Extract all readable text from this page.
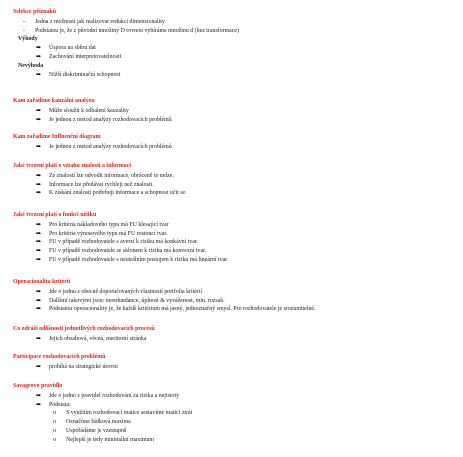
Selekce příznaků
- Jedna z možností jak realizovat redukci dimenzionality
- Podstatou je, že z původní množiny D rovnou vybíráme množinu d (bez transformace)
Výhody
➡ Úspora na sběru dat
➡ Zachování interpretovatelnosti
Nevýhoda
➡ Nižší diskriminační schopnost
Kam zařadíme kauzální analýzu
➡ Může sloužit k odhalení kauzality
➡ Je jednou z metod analýzy rozhodovacích problémů
Kam zařadíme Influenční diagram
➡ Je jednou z metod analýzy rozhodovacích problémů
Jaké tvrzení platí o vztahu znalostí a informací
➡ Ze znalostí lze odvodit informace, obráceně to nelze.
➡ Informace lze předávat rychleji než znalosti.
➡ K získání znalostí potřebuji informace a schopnost učit se.
Jaké tvrzení platí o funkci užitku
➡ Pro kritéria nákladového typu má FU klesající tvar
➡ Pro kritéria výnosového typu má FU rostoucí tvar.
➡ FU v případě rozhodovatele s averzí k riziku má konkávní tvar.
➡ FU v případě rozhodovatele se sklonem k riziku má konvexní tvar.
➡ FU v případě rozhodovatele s neutrálním postojem k riziku má lineární tvar.
Operacionalita kritérií
➡ Jde o jednu z obecně doporučovaných vlastností portfolia kritérií
➡ Dalšími takovými jsou: neredundance, úplnost & vyváženost, min. rozsah.
➡ Podstatou operacionality je, že každé kritérium má jasný, jednoznačný smysl. Pro rozhodovatele je srozumitelné.
Co odráží odlišnosti jednotlivých rozhodovacích procesů
➡ Jejich obsahová, věcná, meritorní stránka
Participace rozhodovacích problémů
➡ probíhá na strategické úrovni
Savageovo pravidlo
➡ Jde o jedno z pravidel rozhodování za rizika a nejistoty
➡ Podstata:
o S využitím rozhodovací matice sestavíme matici ztrát
o Označíme řádková maxima
o Uspořádáme je vzestupně
o Nejlepší je tedy minimální maximum
